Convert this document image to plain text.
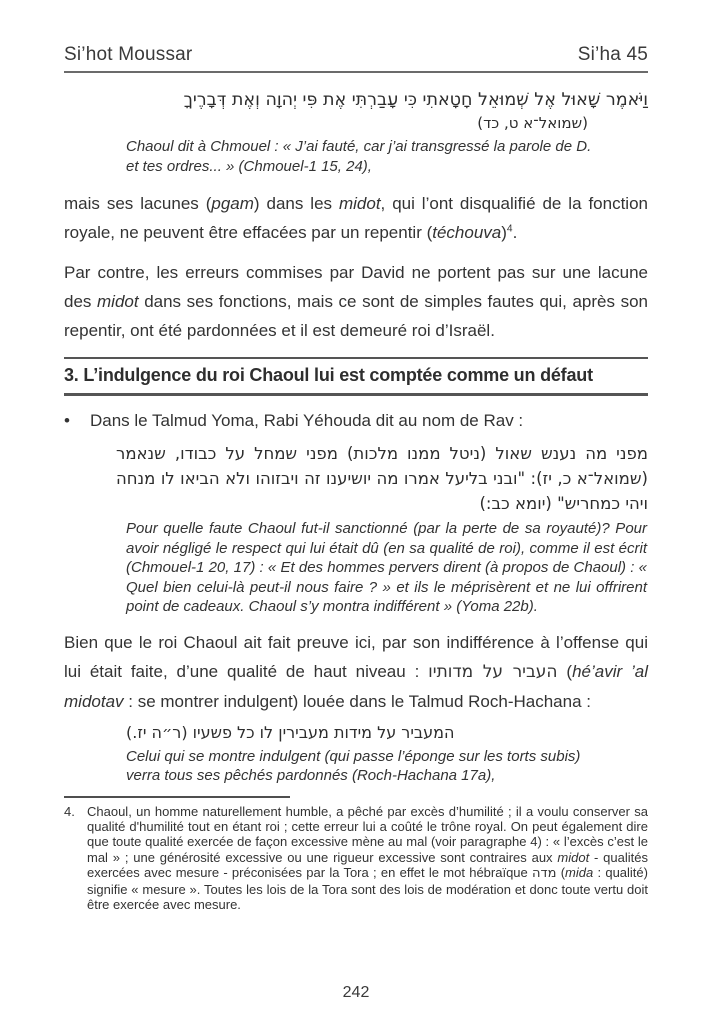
Si’hot Moussar	Si’ha 45
וַיֹּאמֶר שָׁאוּל אֶל שְׁמוּאֵל חָטָאתִי כִּי עָבַרְתִּי אֶת פִּי יְהוָה וְאֶת דְּבָרֶיךָ
(שמואל־א ט, כד)
Chaoul dit à Chmouel : « J’ai fauté, car j’ai transgressé la parole de D. et tes ordres... » (Chmouel-1 15, 24),

mais ses lacunes (pgam) dans les midot, qui l’ont disqualifié de la fonction royale, ne peuvent être effacées par un repentir (téchouva)$^4$.

Par contre, les erreurs commises par David ne portent pas sur une lacune des midot dans ses fonctions, mais ce sont de simples fautes qui, après son repentir, ont été pardonnées et il est demeuré roi d’Israël.

3. L’indulgence du roi Chaoul lui est comptée comme un défaut
•	Dans le Talmud Yoma, Rabi Yéhouda dit au nom de Rav :
מפני מה נענש שאול (ניטל ממנו מלכות) מפני שמחל על כבודו, שנאמר (שמואל־א כ, יז): "ובני בליעל אמרו מה יושיענו זה ויבזוהו ולא הביאו לו מנחה ויהי כמחריש" (יומא כב:)
Pour quelle faute Chaoul fut-il sanctionné (par la perte de sa royauté)? Pour avoir négligé le respect qui lui était dû (en sa qualité de roi), comme il est écrit (Chmouel-1 20, 17) : « Et des hommes pervers dirent (à propos de Chaoul) : « Quel bien celui-là peut-il nous faire ? » et ils le méprisèrent et ne lui offrirent point de cadeaux. Chaoul s’y montra indifférent » (Yoma 22b).

Bien que le roi Chaoul ait fait preuve ici, par son indifférence à l’offense qui lui était faite, d’une qualité de haut niveau : העביר על מדותיו (hé’avir ’al midotav : se montrer indulgent) louée dans le Talmud Roch-Hachana :

המעביר על מידות מעבירין לו כל פשעיו (ר״ה יז.)
Celui qui se montre indulgent (qui passe l’éponge sur les torts subis) verra tous ses pêchés pardonnés (Roch-Hachana 17a),
4. Chaoul, un homme naturellement humble, a pêché par excès d’humilité ; il a voulu conserver sa qualité d'humilité tout en étant roi ; cette erreur lui a coûté le trône royal. On peut également dire que toute qualité exercée de façon excessive mène au mal (voir paragraphe 4) : « l’excès c’est le mal » ; une générosité excessive ou une rigueur excessive sont contraires aux midot - qualités exercées avec mesure - préconisées par la Tora ; en effet le mot hébraïque מדה (mida : qualité) signifie « mesure ». Toutes les lois de la Tora sont des lois de modération et donc toute vertu doit être exercée avec mesure.
242
